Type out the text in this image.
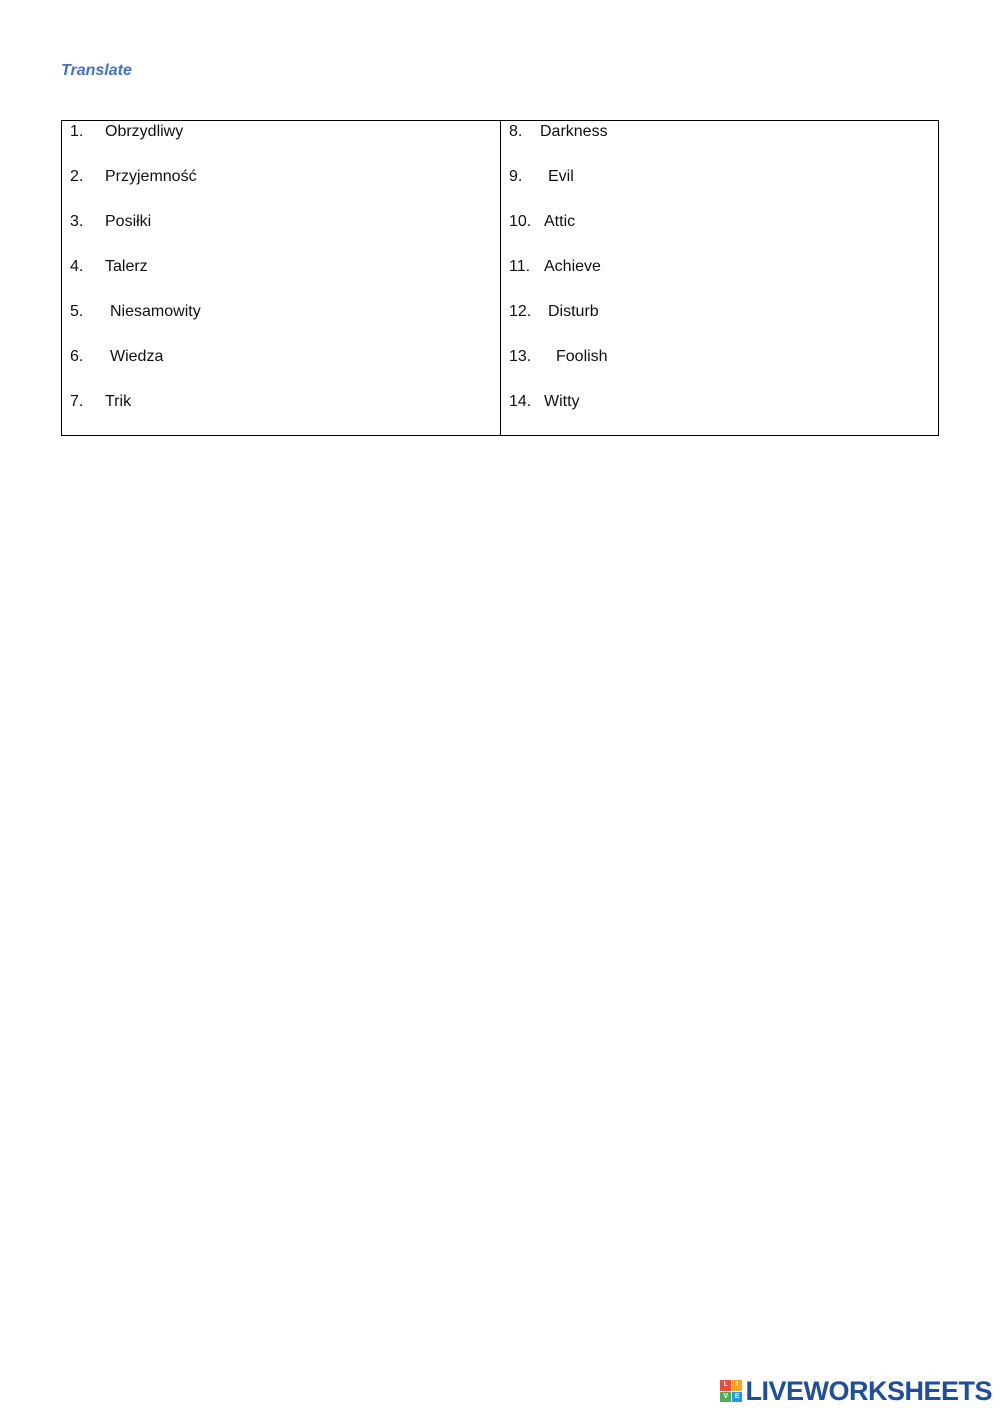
Translate
1. Obrzydliwy
2. Przyjemność
3. Posiłki
4. Talerz
5. Niesamowity
6. Wiedza
7. Trik
8. Darkness
9. Evil
10. Attic
11. Achieve
12. Disturb
13. Foolish
14. Witty
L	I
V E LIVEWORKSHEETS
